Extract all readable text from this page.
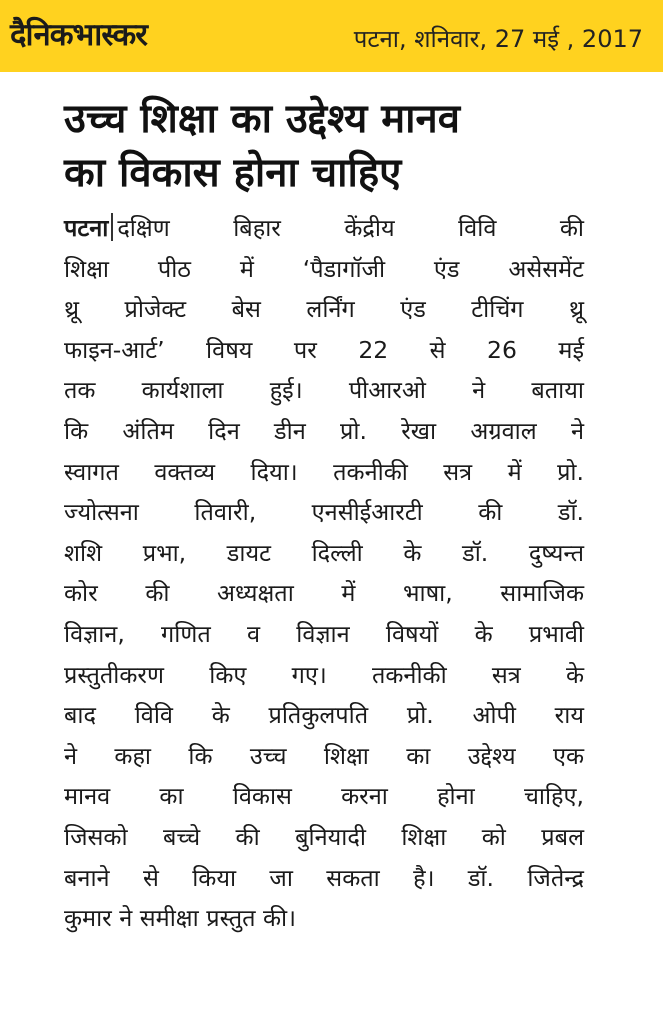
दैनिकभास्कर	पटना, शनिवार, 27 मई , 2017
उच्च शिक्षा का उद्देश्य मानव
का विकास होना चाहिए
पटना दक्षिण बिहार केंद्रीय विवि की
शिक्षा पीठ में ‘पैडागॉजी एंड असेसमेंट
थ्रू प्रोजेक्ट बेस लर्निंग एंड टीचिंग थ्रू
फाइन-आर्ट’ विषय पर 22 से 26 मई
तक कार्यशाला हुई। पीआरओ ने बताया
कि अंतिम दिन डीन प्रो. रेखा अग्रवाल ने
स्वागत वक्तव्य दिया। तकनीकी सत्र में प्रो.
ज्योत्सना तिवारी, एनसीईआरटी की डॉ.
शशि प्रभा, डायट दिल्ली के डॉ. दुष्यन्त
कोर की अध्यक्षता में भाषा, सामाजिक
विज्ञान, गणित व विज्ञान विषयों के प्रभावी
प्रस्तुतीकरण किए गए। तकनीकी सत्र के
बाद विवि के प्रतिकुलपति प्रो. ओपी राय
ने कहा कि उच्च शिक्षा का उद्देश्य एक
मानव का विकास करना होना चाहिए,
जिसको बच्चे की बुनियादी शिक्षा को प्रबल
बनाने से किया जा सकता है। डॉ. जितेन्द्र
कुमार ने समीक्षा प्रस्तुत की।
